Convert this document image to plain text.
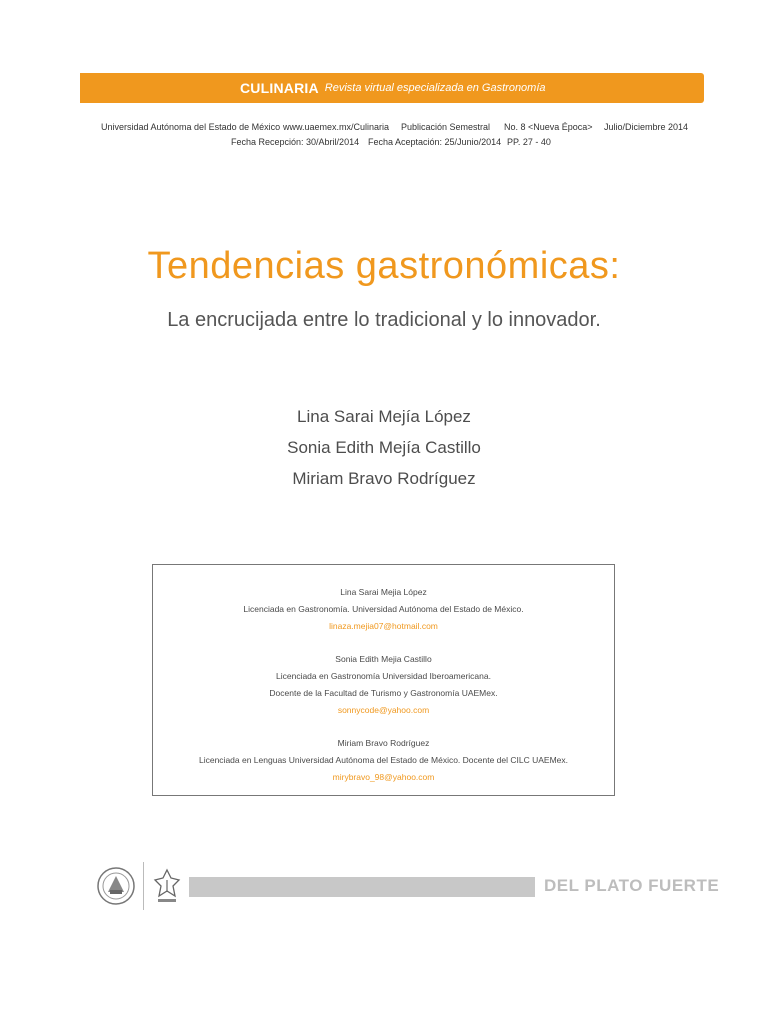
CULINARIA Revista virtual especializada en Gastronomía
Universidad Autónoma del Estado de México www.uaemex.mx/Culinaria Publicación Semestral No. 8 <Nueva Época> Julio/Diciembre 2014
Fecha Recepción: 30/Abril/2014 Fecha Aceptación: 25/Junio/2014 PP. 27 - 40
Tendencias gastronómicas:
La encrucijada entre lo tradicional y lo innovador.
Lina Sarai Mejía López
Sonia Edith Mejía Castillo
Miriam Bravo Rodríguez
Lina Sarai Mejia López
Licenciada en Gastronomía. Universidad Autónoma del Estado de México.
linaza.mejia07@hotmail.com
Sonia Edith Mejia Castillo
Licenciada en Gastronomía Universidad Iberoamericana.
Docente de la Facultad de Turismo y Gastronomía UAEMex.
sonnycode@yahoo.com
Miriam Bravo Rodríguez
Licenciada en Lenguas Universidad Autónoma del Estado de México. Docente del CILC UAEMex.
mirybravo_98@yahoo.com
DEL PLATO FUERTE
